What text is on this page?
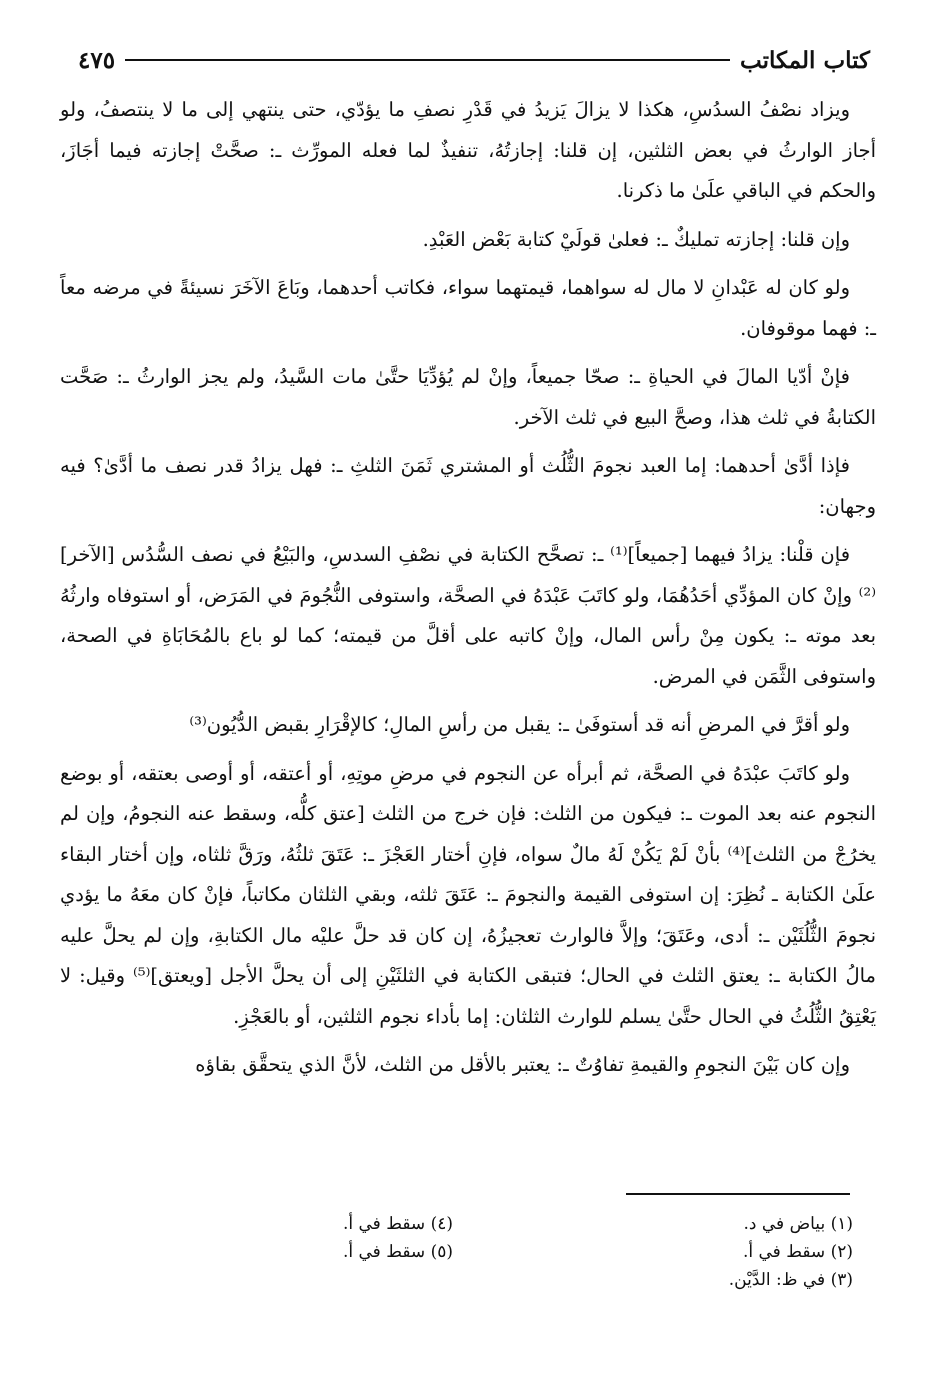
كتاب المكاتب
٤٧٥

ويزاد نصْفُ السدُسِ، هكذا لا يزالَ يَزيدُ في قَدْرِ نصفِ ما يؤدّي، حتى ينتهي إلى ما لا ينتصفُ، ولو أجاز الوارثُ في بعض الثلثين، إن قلنا: إجازتُهُ، تنفيذٌ لما فعله المورِّث ـ: صحَّتْ إجازته فيما أجَازَ، والحكم في الباقي علَىٰ ما ذكرنا.

وإن قلنا: إجازته تمليكٌ ـ: فعلىٰ قولَيْ كتابة بَعْض العَبْدِ.

ولو كان له عَبْدانِ لا مال له سواهما، قيمتهما سواء، فكاتب أحدهما، وبَاعَ الآخَرَ نسيئةً في مرضه معاً ـ: فهما موقوفان.

فإنْ أدّيا المالَ في الحياةِ ـ: صحّا جميعاً، وإنْ لم يُؤدِّيَا حتَّىٰ مات السَّيدُ، ولم يجز الوارثُ ـ: صَحَّت الكتابةُ في ثلث هذا، وصحَّ البيع في ثلث الآخر.

فإذا أدَّىٰ أحدهما: إما العبد نجومَ الثُّلُث أو المشتري ثَمَنَ الثلثِ ـ: فهل يزادُ قدر نصف ما أدَّىٰ؟ فيه وجهان:

فإن قلْنا: يزادُ فيهما [جميعاً]⁽¹⁾ ـ: تصحَّح الكتابة في نصْفِ السدسِ، والبَيْعُ في نصف السُّدُس [الآخر]⁽²⁾ وإنْ كان المؤدِّي أحَدُهُمَا، ولو كاتَبَ عَبْدَهُ في الصحَّة، واستوفى النُّجُومَ في المَرَض، أو استوفاه وارثُهُ بعد موته ـ: يكون مِنْ رأس المال، وإنْ كاتبه على أقلَّ من قيمته؛ كما لو باع بالمُحَابَاةِ في الصحة، واستوفى الثَّمَن في المرض.

ولو أقرَّ في المرضِ أنه قد أستوفَىٰ ـ: يقبل من رأسِ المالِ؛ كالإقْرَارِ بقبض الدُّيُون⁽³⁾

ولو كاتَبَ عبْدَهُ في الصحَّة، ثم أبرأه عن النجوم في مرضِ موتِهِ، أو أعتقه، أو أوصى بعتقه، أو بوضع النجوم عنه بعد الموت ـ: فيكون من الثلث: فإن خرج من الثلث [عتق كلُّه، وسقط عنه النجومُ، وإن لم يخرُجْ من الثلث]⁽⁴⁾ بأنْ لَمْ يَكُنْ لَهُ مالٌ سواه، فإنِ أختار العَجْزَ ـ: عَتَقَ ثلثُهُ، ورَقَّ ثلثاه، وإن أختار البقاء علَىٰ الكتابة ـ نُظِرَ: إن استوفى القيمة والنجومَ ـ: عَتَقَ ثلثه، وبقي الثلثان مكاتباً، فإنْ كان معَهُ ما يؤدي نجومَ الثُّلُثَيْن ـ: أدى، وعَتَقَ؛ وإلاَّ فالوارث تعجيزُهُ، إن كان قد حلَّ عليْه مال الكتابةِ، وإن لم يحلَّ عليه مالُ الكتابة ـ: يعتق الثلث في الحال؛ فتبقى الكتابة في الثلثَيْنِ إلى أن يحلَّ الأجل [ويعتق]⁽⁵⁾ وقيل: لا يَعْتِقُ الثُّلُثُ في الحال حتَّىٰ يسلم للوارث الثلثان: إما بأداء نجوم الثلثين، أو بالعَجْزِ.

وإن كان بَيْنَ النجومِ والقيمةِ تفاوُتٌ ـ: يعتبر بالأقل من الثلث، لأنَّ الذي يتحقَّق بقاؤه

(١) بياض في د.
(٢) سقط في أ.
(٣) في ظ: الدَّيْن.
(٤) سقط في أ.
(٥) سقط في أ.
